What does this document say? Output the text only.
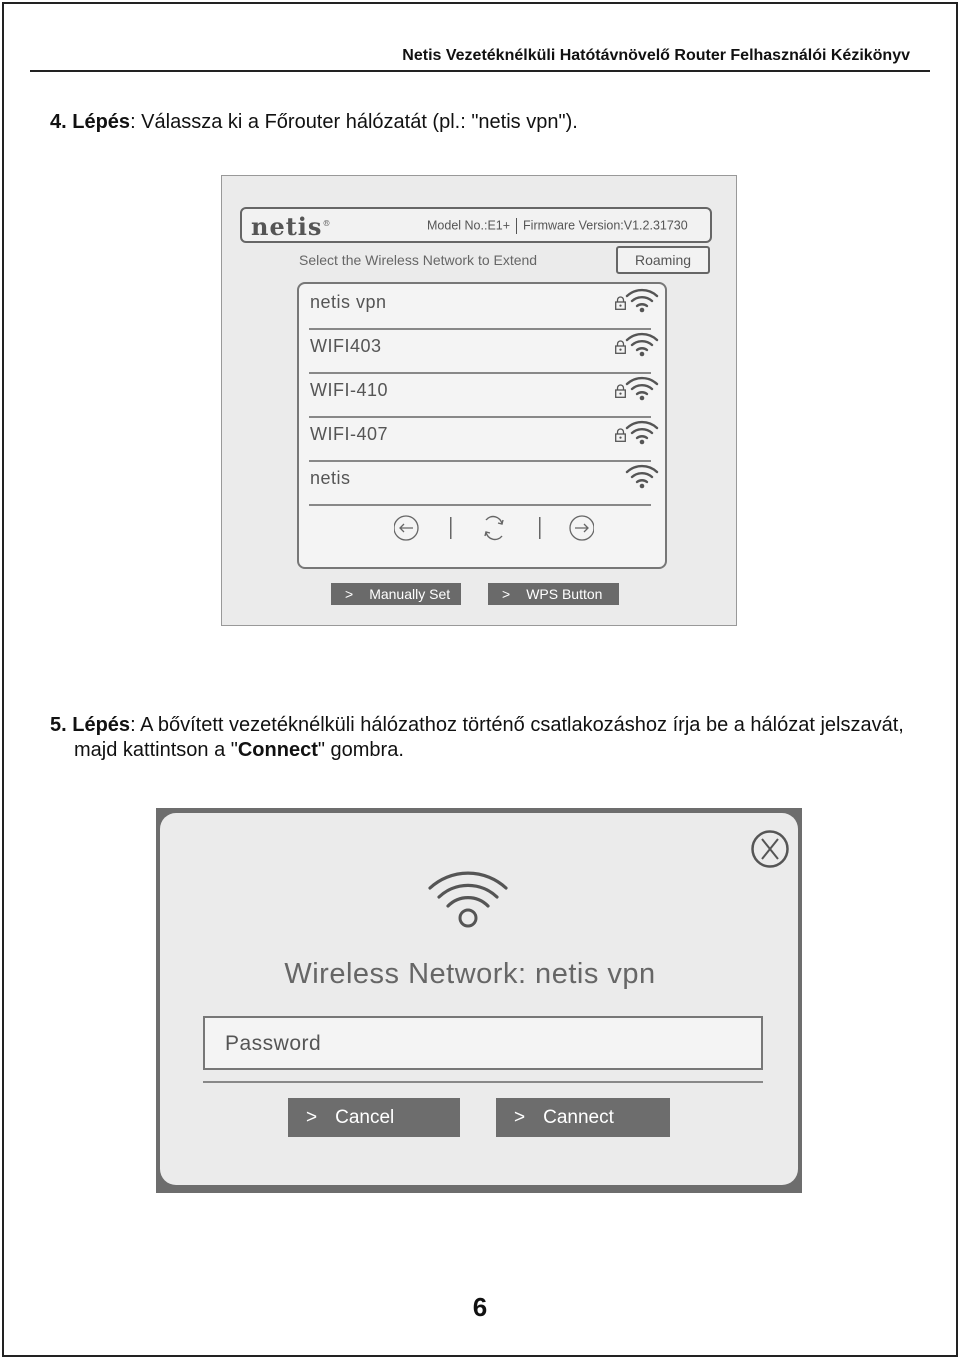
Netis Vezetéknélküli Hatótávnövelő Router Felhasználói Kézikönyv
4. Lépés: Válassza ki a Főrouter hálózatát (pl.: "netis vpn").
netis®	Model No.:E1+ Firmware Version:V1.2.31730
Select the Wireless Network to Extend	Roaming
netis vpn
WIFI403
WIFI-410
WIFI-407
netis
> Manually Set	> WPS Button
5. Lépés: A bővített vezetéknélküli hálózathoz történő csatlakozáshoz írja be a hálózat jelszavát,
majd kattintson a "Connect" gombra.
Wireless Network: netis vpn
Password
> Cancel	> Cannect
6
